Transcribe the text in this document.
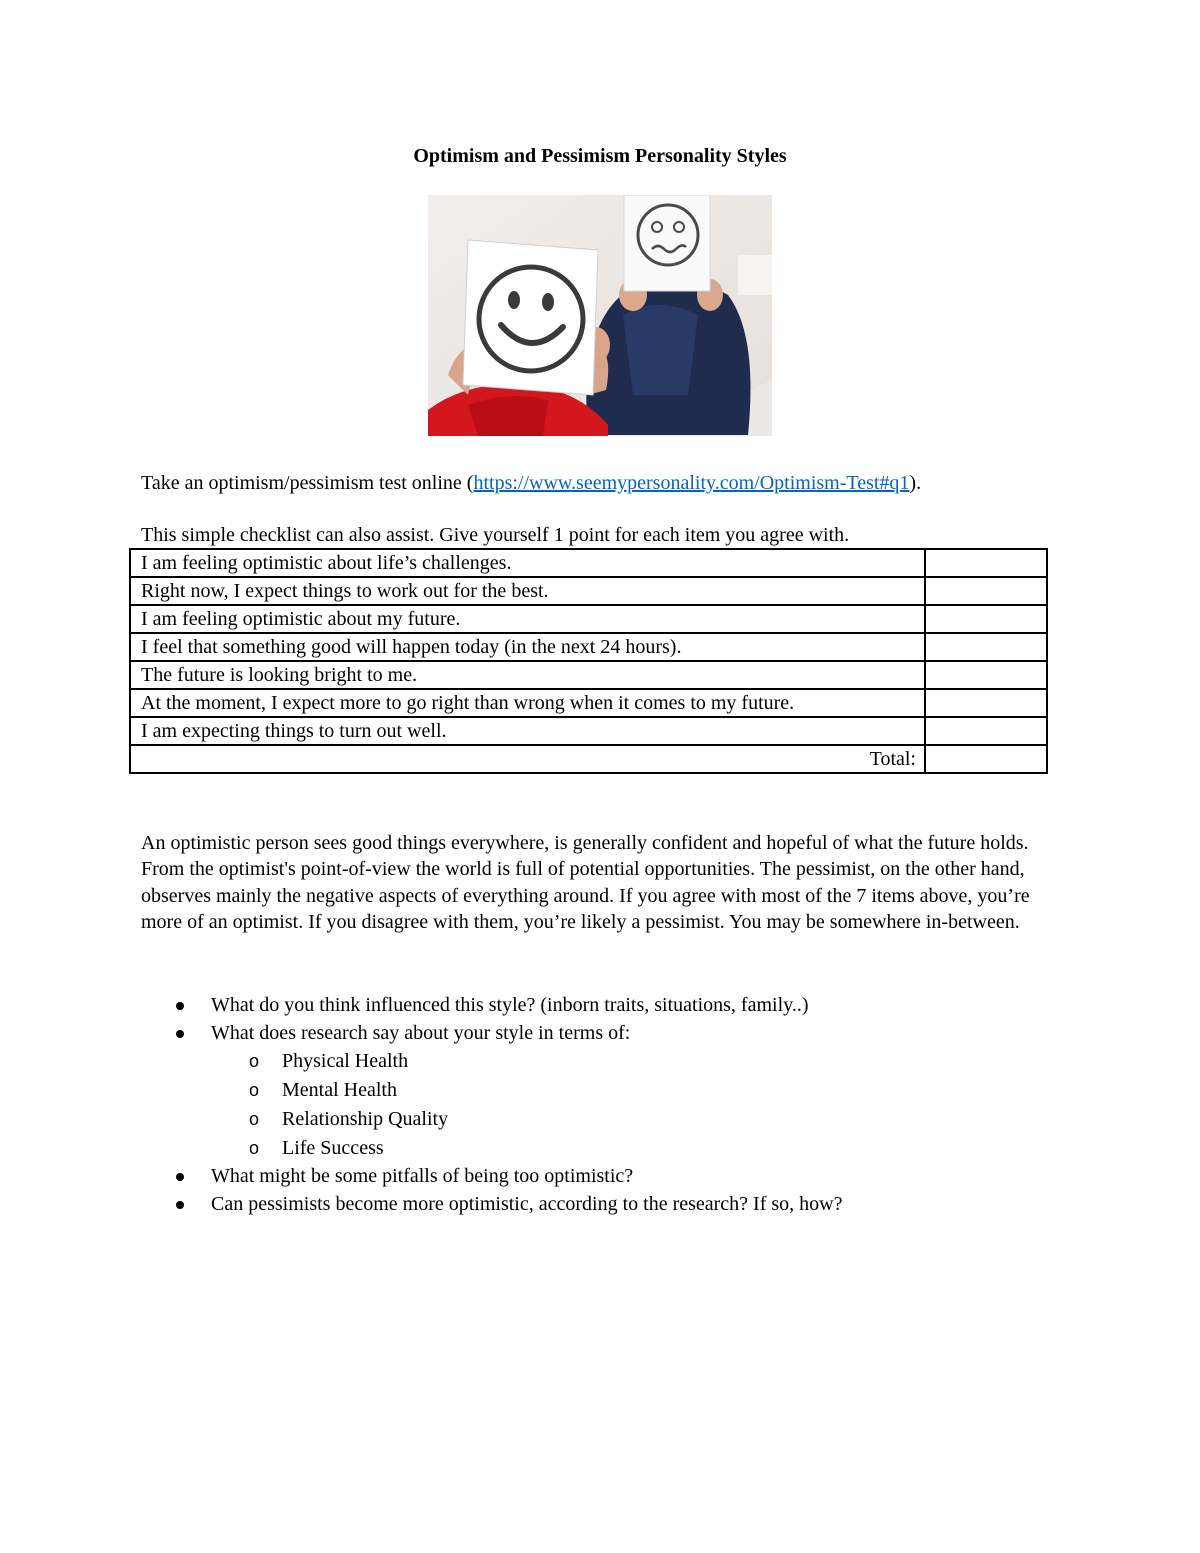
Optimism and Pessimism Personality Styles

Take an optimism/pessimism test online (https://www.seemypersonality.com/Optimism-Test#q1).

This simple checklist can also assist. Give yourself 1 point for each item you agree with.

I am feeling optimistic about life’s challenges.	
Right now, I expect things to work out for the best.	
I am feeling optimistic about my future.	
I feel that something good will happen today (in the next 24 hours).	
The future is looking bright to me.	
At the moment, I expect more to go right than wrong when it comes to my future.	
I am expecting things to turn out well.	
Total:	

An optimistic person sees good things everywhere, is generally confident and hopeful of what the future holds. From the optimist's point-of-view the world is full of potential opportunities. The pessimist, on the other hand, observes mainly the negative aspects of everything around. If you agree with most of the 7 items above, you’re more of an optimist. If you disagree with them, you’re likely a pessimist. You may be somewhere in-between.

What do you think influenced this style? (inborn traits, situations, family..)
What does research say about your style in terms of:
o Physical Health
o Mental Health
o Relationship Quality
o Life Success
What might be some pitfalls of being too optimistic?
Can pessimists become more optimistic, according to the research? If so, how?
